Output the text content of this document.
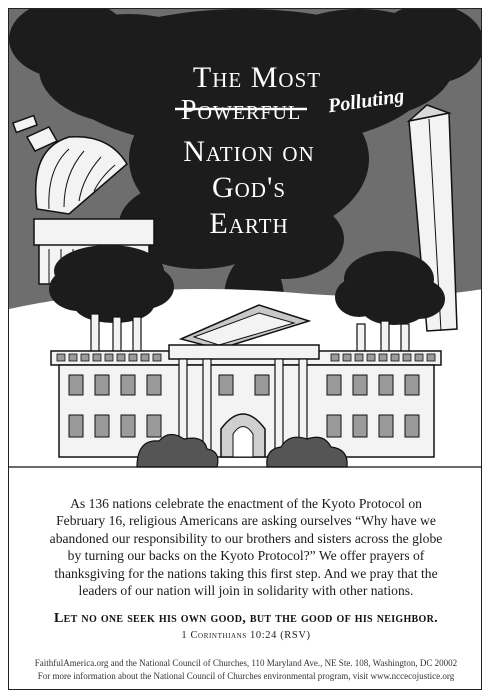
The Most
Powerful Polluting
Nation on
God's
Earth

As 136 nations celebrate the enactment of the Kyoto Protocol on February 16, religious Americans are asking ourselves “Why have we abandoned our responsibility to our brothers and sisters across the globe by turning our backs on the Kyoto Protocol?” We offer prayers of thanksgiving for the nations taking this first step. And we pray that the leaders of our nation will join in solidarity with other nations.

Let no one seek his own good, but the good of his neighbor.

1 Corinthians 10:24 (RSV)

FaithfulAmerica.org and the National Council of Churches, 110 Maryland Ave., NE Ste. 108, Washington, DC 20002
For more information about the National Council of Churches environmental program, visit www.nccecojustice.org
